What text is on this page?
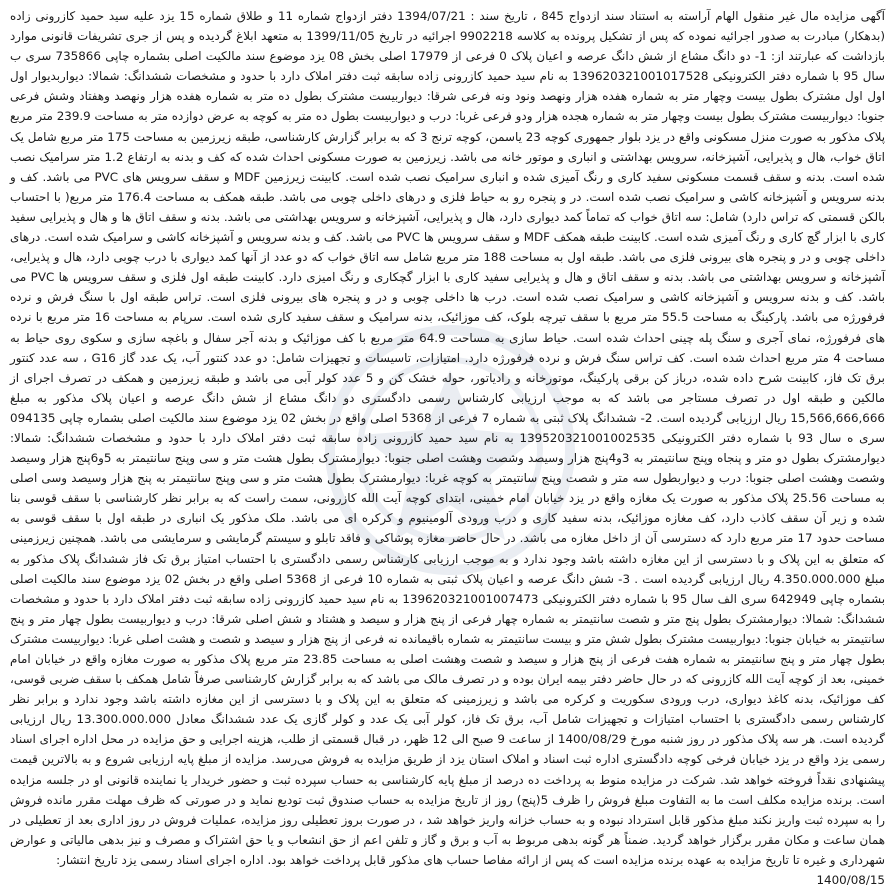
آگهی مزایده مال غیر منقول الهام آراسته به استناد سند ازدواج 845 ، تاریخ سند : 1394/07/21 دفتر ازدواج شماره 11 و طلاق شماره 15 یزد علیه سید حمید کازرونی زاده (بدهکار) مبادرت به صدور اجرائیه نموده که پس از تشکیل پرونده به کلاسه 9902218 اجرائیه در تاریخ 1399/11/05 به متعهد ابلاغ گردیده و پس از جری تشریفات قانونی موارد بازداشت که عبارتند از: 1- دو دانگ مشاع از شش دانگ عرصه و اعیان پلاک 0 فرعی از 17979 اصلی بخش 08 یزد موضوع سند مالکیت اصلی بشماره چاپی 735866 سری ب سال 95 با شماره دفتر الکترونیکی 139620321001017528 به نام سید حمید کازرونی زاده سابقه ثبت دفتر املاک دارد با حدود و مشخصات ششدانگ: شمالا: دیواربدیوار اول اول اول مشترک بطول بیست وچهار متر به شماره هفده هزار ونهصد ونود ونه فرعی شرقا: دیواربیست مشترک بطول ده متر به شماره هفده هزار ونهصد وهفتاد وشش فرعی جنوبا: دیواربیست مشترک بطول بیست وچهار متر به شماره هجده هزار ودو فرعی غربا: درب و دیواربیست بطول ده متر به کوچه به عرض دوازده متر به مساحت 239.9 متر مربع پلاک مذکور به صورت منزل مسکونی واقع در یزد بلوار جمهوری کوچه 23 یاسمن، کوچه ترنج 3 که به برابر گزارش کارشناسی، طبقه زیرزمین به مساحت 175 متر مربع شامل یک اتاق خواب، هال و پذیرایی، آشپزخانه، سرویس بهداشتی و انباری و موتور خانه می باشد. زیرزمین به صورت مسکونی احداث شده که کف و بدنه به ارتفاع 1.2 متر سرامیک نصب شده است. بدنه و سقف قسمت مسکونی سفید کاری و رنگ آمیزی شده و انباری سرامیک نصب شده است. کابینت زیرزمین MDF و سقف سرویس های PVC می باشد. کف و بدنه سرویس و آشپزخانه کاشی و سرامیک نصب شده است. در و پنجره رو به حیاط فلزی و درهای داخلی چوبی می باشد. طبقه همکف به مساحت 176.4 متر مربع( با احتساب بالکن قسمتی که تراس دارد) شامل: سه اتاق خواب که تماماً کمد دیواری دارد، هال و پذیرایی، آشپزخانه و سرویس بهداشتی می باشد. بدنه و سقف اتاق ها و هال و پذیرایی سفید کاری با ابزار گچ کاری و رنگ آمیزی شده است. کابینت طبقه همکف MDF و سقف سرویس ها PVC می باشد. کف و بدنه سرویس و آشپزخانه کاشی و سرامیک شده است. درهای داخلی چوبی و در و پنجره های بیرونی فلزی می باشد. طبقه اول به مساحت 188 متر مربع شامل سه اتاق خواب که دو عدد از آنها کمد دیواری با درب چوبی دارد، هال و پذیرایی، آشپزخانه و سرویس بهداشتی می باشد. بدنه و سقف اتاق و هال و پذیرایی سفید کاری با ابزار گچکاری و رنگ امیزی دارد. کابینت طبقه اول فلزی و سقف سرویس ها PVC می باشد. کف و بدنه سرویس و آشپزخانه کاشی و سرامیک نصب شده است. درب ها داخلی چوبی و در و پنجره های بیرونی فلزی است. تراس طبقه اول با سنگ فرش و نرده فرفورژه می باشد. پارکینگ به مساحت 55.5 متر مربع با سقف تیرچه بلوک، کف موزائیک، بدنه سرامیک و سقف سفید کاری شده است. سرپام به مساحت 16 متر مربع با نرده های فرفورژه، نمای آجری و سنگ پله چینی احداث شده است. حیاط سازی به مساحت 64.9 متر مربع با کف موزائیک و بدنه آجر سفال و باغچه سازی و سکوی روی حیاط به مساحت 4 متر مربع احداث شده است. کف تراس سنگ فرش و نرده فرفورژه دارد. امتیازات، تاسیسات و تجهیزات شامل: دو عدد کنتور آب، یک عدد گاز G16 ، سه عدد کنتور برق تک فاز، کابینت شرح داده شده، درباز کن برقی پارکینگ، موتورخانه و رادیاتور، حوله خشک کن و 5 عدد کولر آبی می باشد و طبقه زیرزمین و همکف در تصرف اجرای از مالکین و طبقه اول در تصرف مستاجر می باشد که به موجب ارزیابی کارشناس رسمی دادگستری دو دانگ مشاع از شش دانگ عرصه و اعیان پلاک مذکور به مبلغ 15,566,666,666 ریال ارزیابی گردیده است. 2- ششدانگ پلاک ثبتی به شماره 7 فرعی از 5368 اصلی واقع در بخش 02 یزد موضوع سند مالکیت اصلی بشماره چاپی 094135 سری ه سال 93 با شماره دفتر الکترونیکی 139520321001002535 به نام سید حمید کازرونی زاده سابقه ثبت دفتر املاک دارد با حدود و مشخصات ششدانگ: شمالا: دیوارمشترک بطول دو متر و پنجاه وپنج سانتیمتر به 3و4پنج هزار وسیصد وشصت وهشت اصلی جنوبا: دیوارمشترک بطول هشت متر و سی وپنج سانتیمتر به 5و6پنج هزار وسیصد وشصت وهشت اصلی جنوبا: درب و دیواربطول سه متر و شصت وپنج سانتیمتر به کوچه غربا: دیوارمشترک بطول هشت متر و سی وپنج سانتیمتر به پنج هزار وسیصد وسی اصلی به مساحت 25.56 پلاک مذکور به صورت یک مغازه واقع در یزد خیابان امام خمینی، ابتدای کوچه آیت الله کازرونی، سمت راست که به برابر نظر کارشناسی با سقف قوسی بنا شده و زیر آن سقف کاذب دارد، کف مغازه موزائیک، بدنه سفید کاری و درب ورودی آلومینیوم و کرکره ای می باشد. ملک مذکور یک انباری در طبقه اول با سقف قوسی به مساحت حدود 17 متر مربع دارد که دسترسی آن از داخل مغازه می باشد. در حال حاضر مغازه پوشاکی و فاقد تابلو و سیستم گرمایشی و سرمایشی می باشد. همچنین زیرزمینی که متعلق به این پلاک و با دسترسی از این مغازه داشته باشد وجود ندارد و به موجب ارزیابی کارشناس رسمی دادگستری با احتساب امتیاز برق تک فاز ششدانگ پلاک مذکور به مبلغ 4.350.000.000 ریال ارزیابی گردیده است . 3- شش دانگ عرصه و اعیان پلاک ثبتی به شماره 10 فرعی از 5368 اصلی واقع در بخش 02 یزد موضوع سند مالکیت اصلی بشماره چاپی 642949 سری الف سال 95 با شماره دفتر الکترونیکی 139620321001007473 به نام سید حمید کازرونی زاده سابقه ثبت دفتر املاک دارد با حدود و مشخصات ششدانگ: شمالا: دیوارمشترک بطول پنج متر و شصت سانتیمتر به شماره چهار فرعی از پنج هزار و سیصد و هشتاد و شش اصلی شرقا: درب و دیواربیست بطول چهار متر و پنج سانتیمتر به خیابان جنوبا: دیواربیست مشترک بطول شش متر و بیست سانتیمتر به شماره باقیمانده نه فرعی از پنج هزار و سیصد و شصت و هشت اصلی غربا: دیواربیست مشترک بطول چهار متر و پنج سانتیمتر به شماره هفت فرعی از پنج هزار و سیصد و شصت وهشت اصلی به مساحت 23.85 متر مربع پلاک مذکور به صورت مغازه واقع در خیابان امام خمینی، بعد از کوچه آیت الله کازرونی که در حال حاضر دفتر بیمه ایران بوده و در تصرف مالک می باشد که به برابر گزارش کارشناسی صرفاً شامل همکف با سقف ضربی قوسی، کف موزائیک، بدنه کاغذ دیواری، درب ورودی سکوریت و کرکره می باشد و زیرزمینی که متعلق به این پلاک و با دسترسی از این مغازه داشته باشد وجود ندارد و برابر نظر کارشناس رسمی دادگستری با احتساب امتیازات و تجهیزات شامل آب، برق تک فاز، کولر آبی یک عدد و کولر گازی یک عدد ششدانگ معادل 13.300.000.000 ریال ارزیابی گردیده است. هر سه پلاک مذکور در روز شنبه مورخ 1400/08/29 از ساعت 9 صبح الی 12 ظهر، در قبال قسمتی از طلب، هزینه اجرایی و حق مزایده در محل اداره اجرای اسناد رسمی یزد واقع در یزد خیابان فرخی کوچه دادگستری اداره ثبت اسناد و املاک استان یزد از طریق مزایده به فروش می‌رسد. مزایده از مبلغ پایه ارزیابی شروع و به بالاترین قیمت پیشنهادی نقداً فروخته خواهد شد. شرکت در مزایده منوط به پرداخت ده درصد از مبلغ پایه کارشناسی به حساب سپرده ثبت و حضور خریدار یا نماینده قانونی او در جلسه مزایده است. برنده مزایده مکلف است ما به التفاوت مبلغ فروش را ظرف 5(پنج) روز از تاریخ مزایده به حساب صندوق ثبت تودیع نماید و در صورتی که ظرف مهلت مقرر مانده فروش را به سپرده ثبت واریز نکند مبلغ مذکور قابل استرداد نبوده و به حساب خزانه واریز خواهد شد ، در صورت بروز تعطیلی روز مزایده، عملیات فروش در روز اداری بعد از تعطیلی در همان ساعت و مکان مقرر برگزار خواهد گردید. ضمناً هر گونه بدهی مربوط به آب و برق و گاز و تلفن اعم از حق انشعاب و یا حق اشتراک و مصرف و نیز بدهی مالیاتی و عوارض شهرداری و غیره تا تاریخ مزایده به عهده برنده مزایده است که پس از ارائه مفاصا حساب های مذکور قابل پرداخت خواهد بود. اداره اجرای اسناد رسمی یزد تاریخ انتشار:

1400/08/15
